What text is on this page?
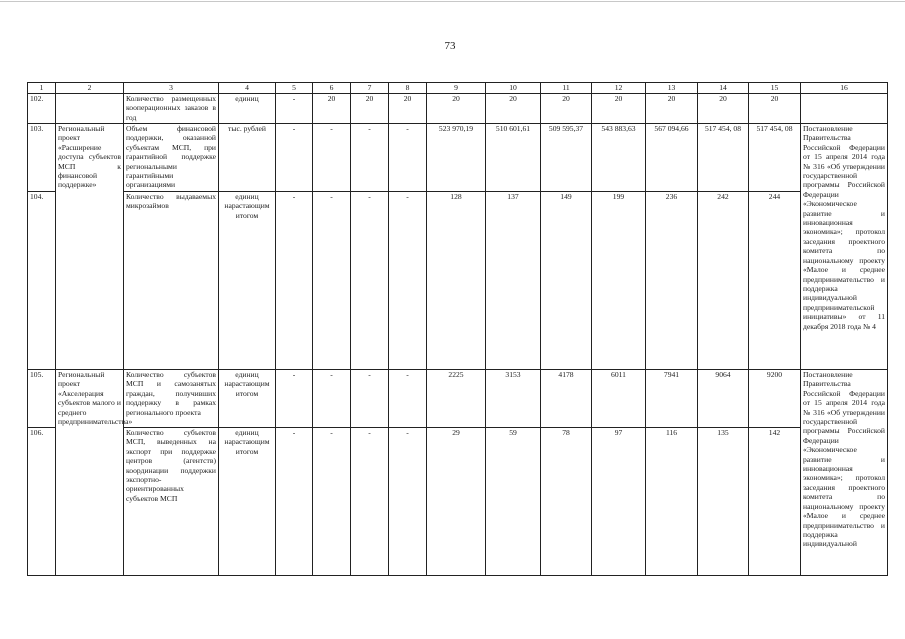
73
1	2	3	4	5	6	7	8	9	10	11	12	13	14	15	16
102.		Количество размещенных кооперационных заказов в год	единиц	-	20	20	20	20	20	20	20	20	20	20	
103.	Региональный проект «Расширение доступа субъектов МСП к финансовой поддержке»	Объем финансовой поддержки, оказанной субъектам МСП, при гарантийной поддержке региональными гарантийными организациями	тыс. рублей	-	-	-	-	523 970,19	510 601,61	509 595,37	543 883,63	567 094,66	517 454, 08	517 454, 08	Постановление Правительства Российской Федерации от 15 апреля 2014 года № 316 «Об утверждении государственной программы Российской Федерации «Экономическое развитие и инновационная экономика»; протокол заседания проектного комитета по национальному проекту «Малое и среднее предпринимательство и поддержка индивидуальной предпринимательской инициативы» от 11 декабря 2018 года № 4
104.		Количество выдаваемых микрозаймов	единиц нарастающим итогом	-	-	-	-	128	137	149	199	236	242	244	
105.	Региональный проект «Акселерация субъектов малого и среднего предпринимательства»	Количество субъектов МСП и самозанятых граждан, получивших поддержку в рамках регионального проекта	единиц нарастающим итогом	-	-	-	-	2225	3153	4178	6011	7941	9064	9200	Постановление Правительства Российской Федерации от 15 апреля 2014 года № 316 «Об утверждении государственной программы Российской Федерации «Экономическое развитие и инновационная экономика»; протокол заседания проектного комитета по национальному проекту «Малое и среднее предпринимательство и поддержка индивидуальной
106.		Количество субъектов МСП, выведенных на экспорт при поддержке центров (агентств) координации поддержки экспортно-ориентированных субъектов МСП	единиц нарастающим итогом	-	-	-	-	29	59	78	97	116	135	142	
